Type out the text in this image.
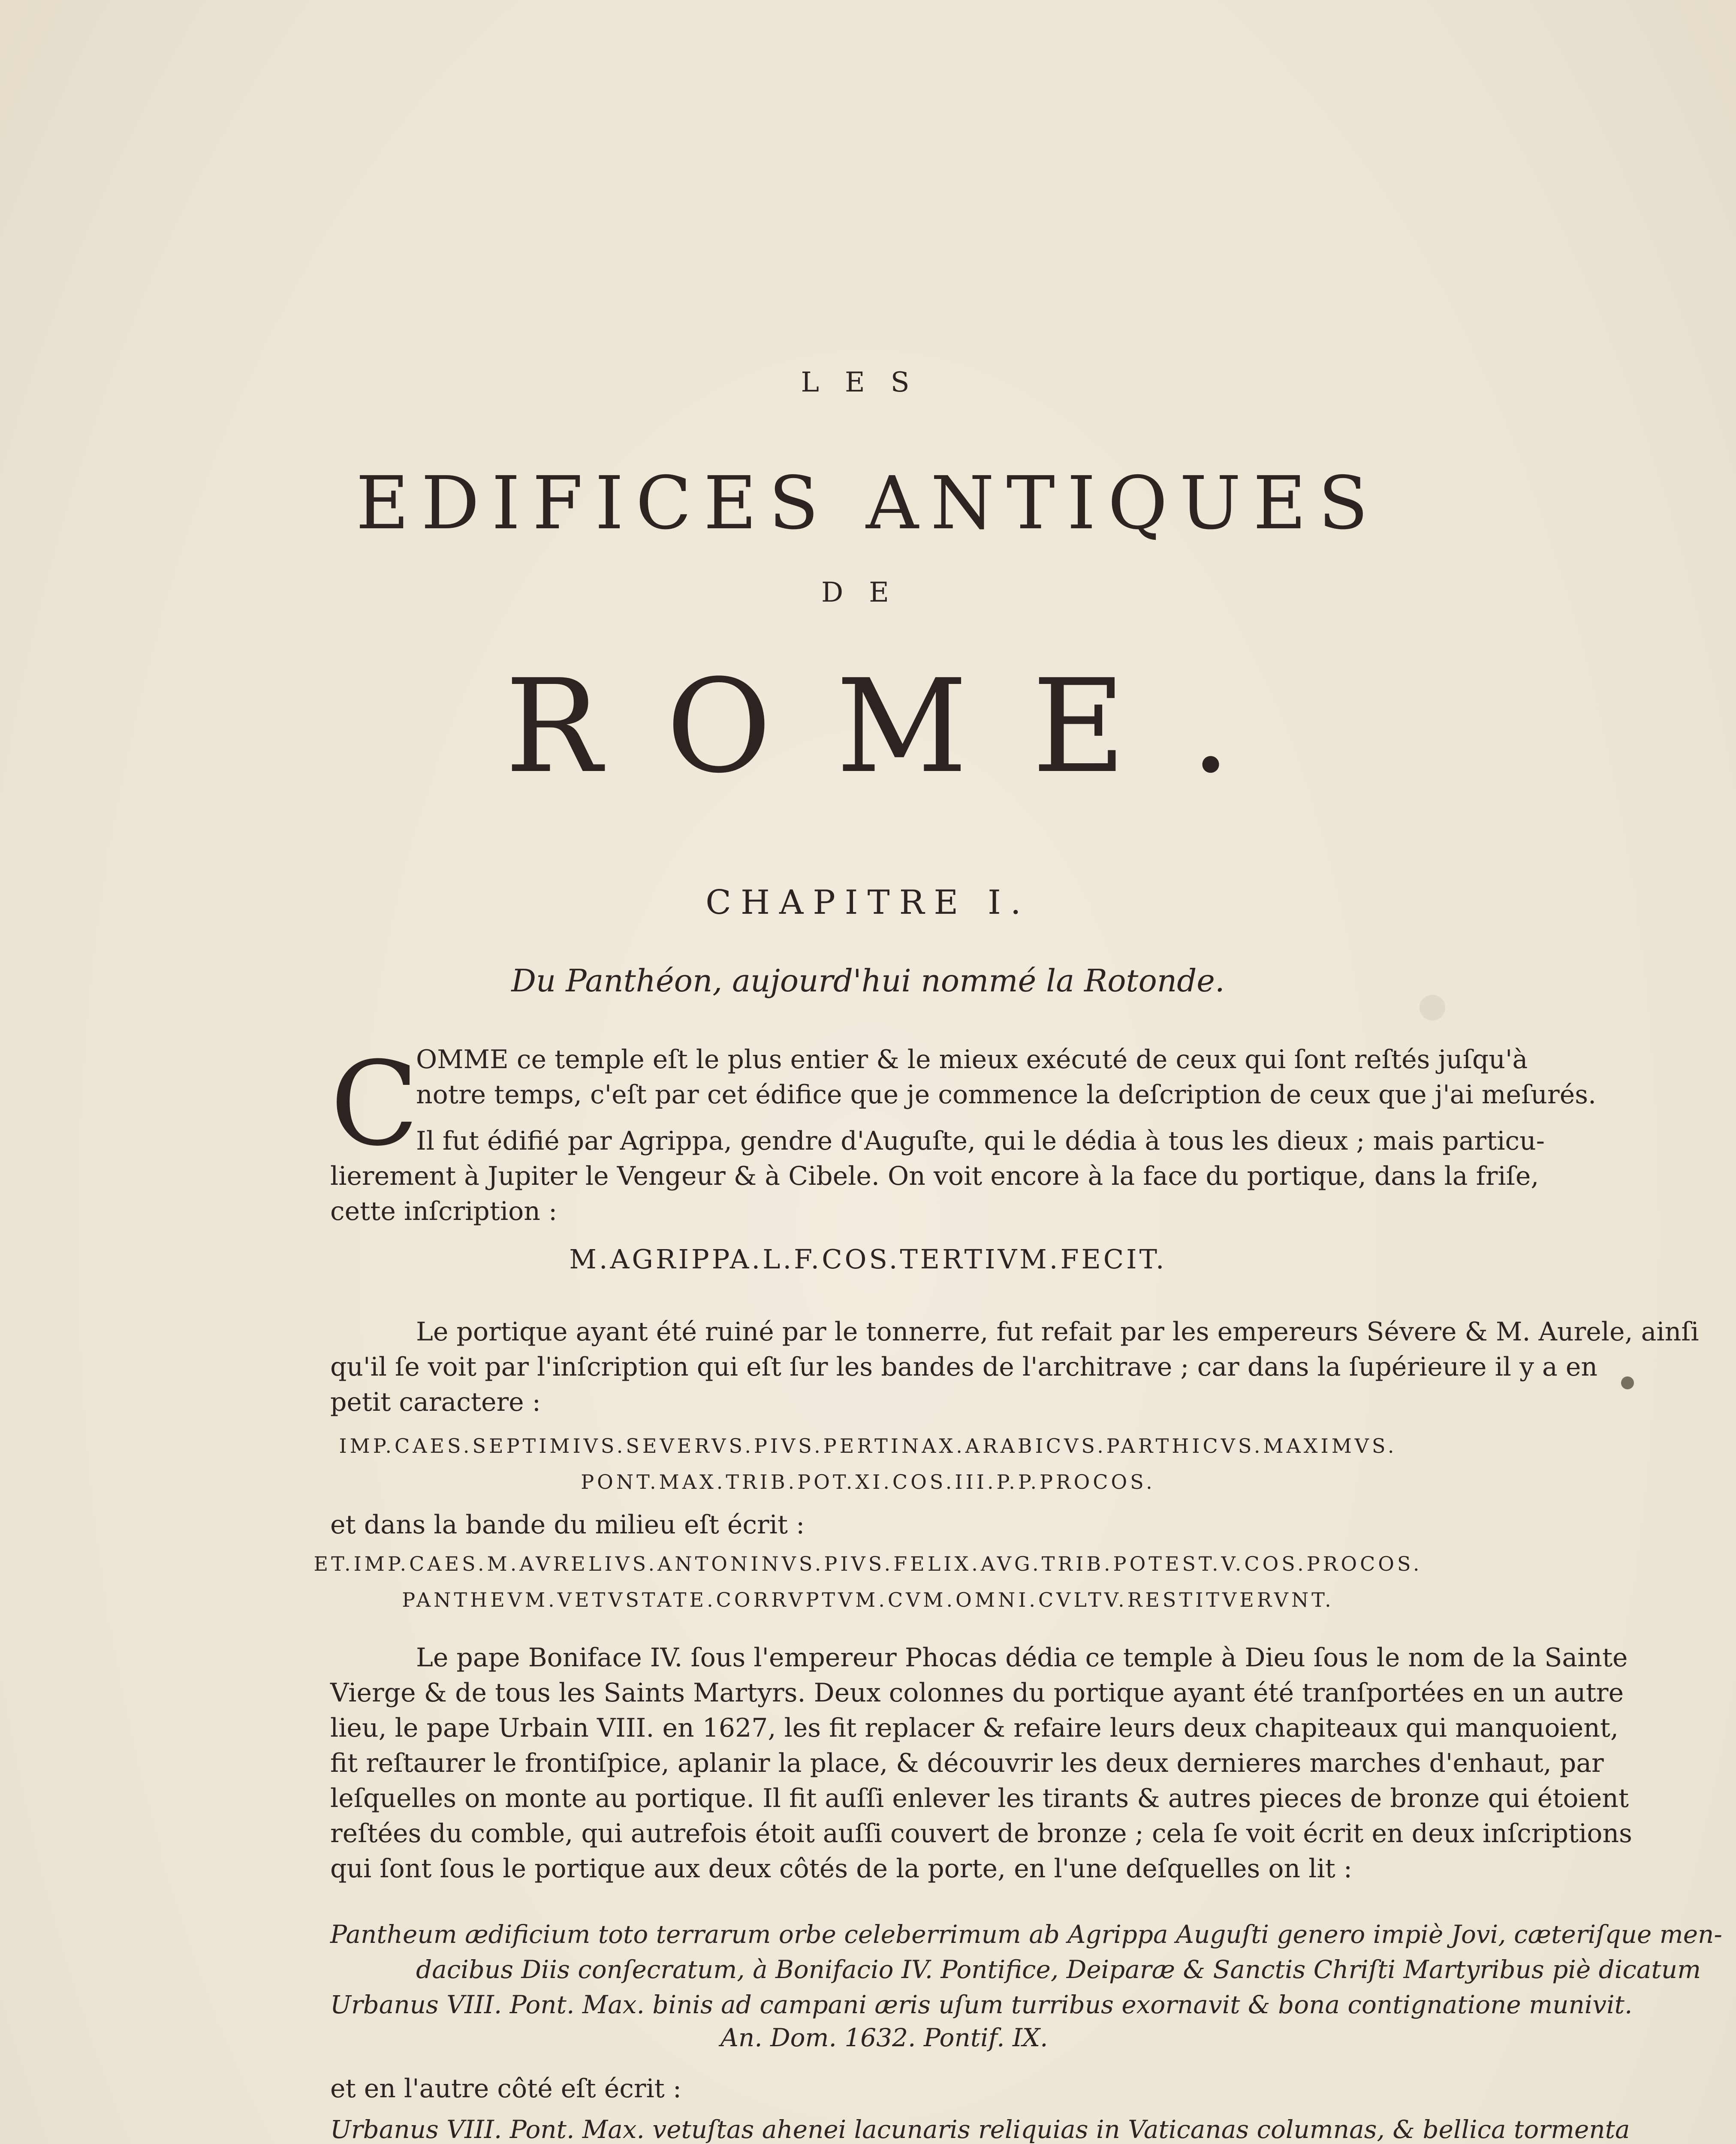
LES
EDIFICES ANTIQUES
DE
ROME.
CHAPITRE I.
Du Panthéon, aujourd'hui nommé la Rotonde.
C
OMME ce temple eſt le plus entier & le mieux exécuté de ceux qui ſont reſtés juſqu'à
notre temps, c'eſt par cet édifice que je commence la deſcription de ceux que j'ai meſurés.
Il fut édifié par Agrippa, gendre d'Auguſte, qui le dédia à tous les dieux ; mais particu-
lierement à Jupiter le Vengeur & à Cibele. On voit encore à la face du portique, dans la friſe,
cette inſcription :
M.AGRIPPA.L.F.COS.TERTIVM.FECIT.
Le portique ayant été ruiné par le tonnerre, fut refait par les empereurs Sévere & M. Aurele, ainſi
qu'il ſe voit par l'inſcription qui eſt ſur les bandes de l'architrave ; car dans la ſupérieure il y a en
petit caractere :
IMP.CAES.SEPTIMIVS.SEVERVS.PIVS.PERTINAX.ARABICVS.PARTHICVS.MAXIMVS.
PONT.MAX.TRIB.POT.XI.COS.III.P.P.PROCOS.
et dans la bande du milieu eſt écrit :
ET.IMP.CAES.M.AVRELIVS.ANTONINVS.PIVS.FELIX.AVG.TRIB.POTEST.V.COS.PROCOS.
PANTHEVM.VETVSTATE.CORRVPTVM.CVM.OMNI.CVLTV.RESTITVERVNT.
Le pape Boniface IV. ſous l'empereur Phocas dédia ce temple à Dieu ſous le nom de la Sainte
Vierge & de tous les Saints Martyrs. Deux colonnes du portique ayant été tranſportées en un autre
lieu, le pape Urbain VIII. en 1627, les fit replacer & refaire leurs deux chapiteaux qui manquoient,
fit reſtaurer le frontiſpice, aplanir la place, & découvrir les deux dernieres marches d'enhaut, par
leſquelles on monte au portique. Il fit auſſi enlever les tirants & autres pieces de bronze qui étoient
reſtées du comble, qui autrefois étoit auſſi couvert de bronze ; cela ſe voit écrit en deux inſcriptions
qui ſont ſous le portique aux deux côtés de la porte, en l'une deſquelles on lit :
Pantheum ædificium toto terrarum orbe celeberrimum ab Agrippa Auguſti genero impiè Jovi, cæteriſque men-
dacibus Diis conſecratum, à Bonifacio IV. Pontifice, Deiparæ & Sanctis Chriſti Martyribus piè dicatum
Urbanus VIII. Pont. Max. binis ad campani æris uſum turribus exornavit & bona contignatione munivit.
An. Dom. 1632. Pontif. IX.
et en l'autre côté eſt écrit :
Urbanus VIII. Pont. Max. vetuſtas ahenei lacunaris reliquias in Vaticanas columnas, & bellica tormenta
